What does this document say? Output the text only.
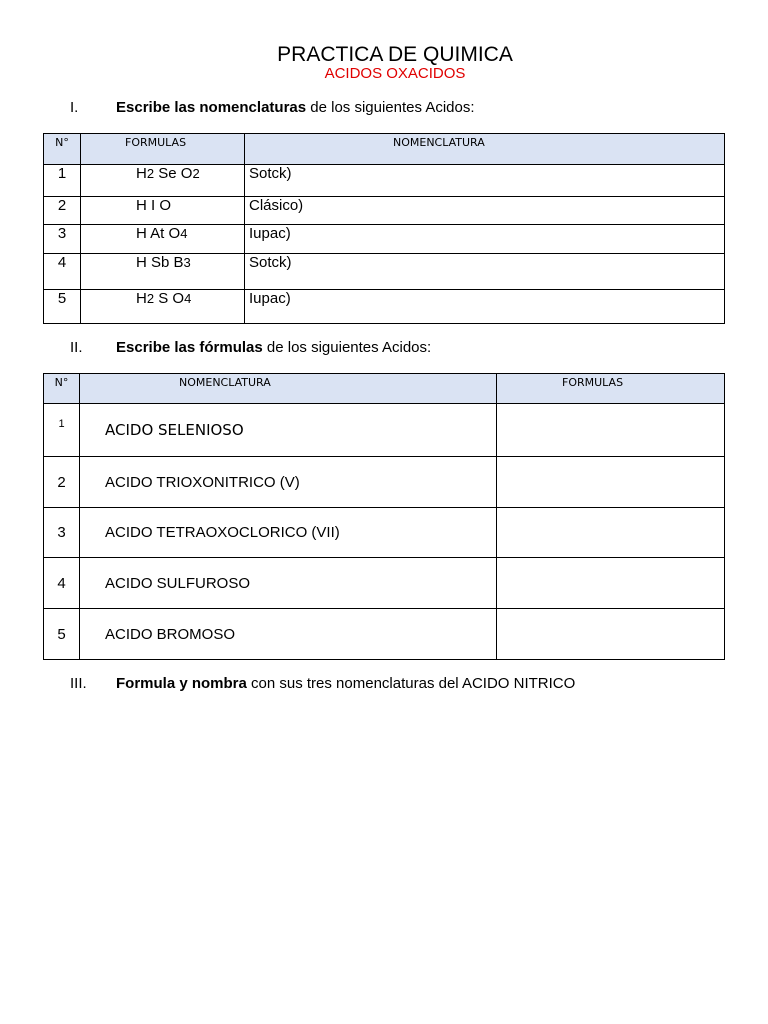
PRACTICA DE QUIMICA
ACIDOS OXACIDOS
I.	Escribe las nomenclaturas de los siguientes Acidos:
N°	FORMULAS	NOMENCLATURA
1	H2 Se O2	Sotck)
2	H I O	Clásico)
3	H At O4	Iupac)
4	H Sb B3	Sotck)
5	H2 S O4	Iupac)
II. Escribe las fórmulas de los siguientes Acidos:
N°	NOMENCLATURA	FORMULAS
1	ACIDO SELENIOSO	
2	ACIDO TRIOXONITRICO (V)	
3	ACIDO TETRAOXOCLORICO (VII)	
4	ACIDO SULFUROSO	
5	ACIDO BROMOSO	
III. Formula y nombra con sus tres nomenclaturas del ACIDO NITRICO
